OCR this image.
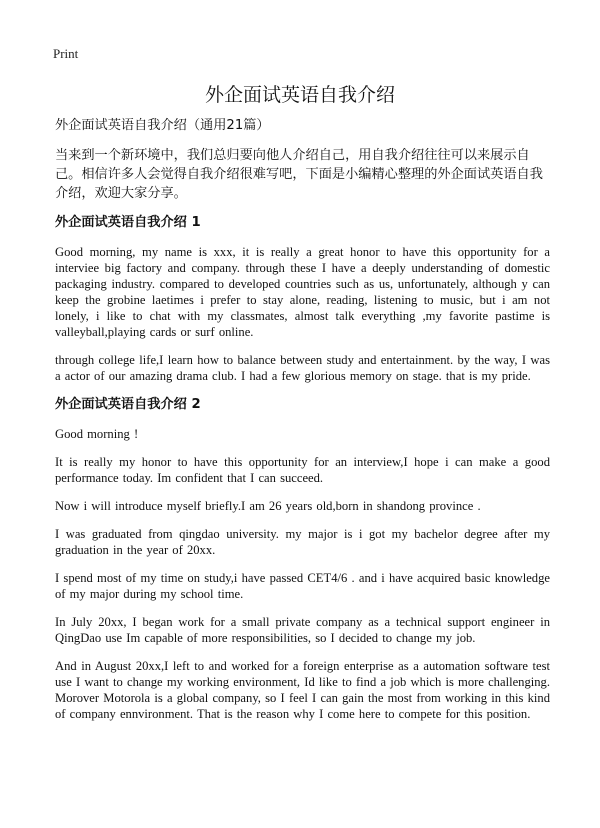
Print
外企面试英语自我介绍

外企面试英语自我介绍（通用21篇）

当来到一个新环境中，我们总归要向他人介绍自己，用自我介绍往往可以来展示自己。相信许多人会觉得自我介绍很难写吧，下面是小编精心整理的外企面试英语自我介绍，欢迎大家分享。

外企面试英语自我介绍 1

Good morning, my name is xxx, it is really a great honor to have this opportunity for a interviee big factory and company. through these I have a deeply understanding of domestic packaging industry. compared to developed countries such as us, unfortunately, although y can keep the grobine laetimes i prefer to stay alone, reading, listening to music, but i am not lonely, i like to chat with my classmates, almost talk everything ,my favorite pastime is valleyball,playing cards or surf online.

through college life,I learn how to balance between study and entertainment. by the way, I was a actor of our amazing drama club. I had a few glorious memory on stage. that is my pride.

外企面试英语自我介绍 2

Good morning !

It is really my honor to have this opportunity for an interview,I hope i can make a good performance today. Im confident that I can succeed.

Now i will introduce myself briefly.I am 26 years old,born in shandong province .

I was graduated from qingdao university. my major is i got my bachelor degree after my graduation in the year of 20xx.

I spend most of my time on study,i have passed CET4/6 . and i have acquired basic knowledge of my major during my school time.

In July 20xx, I began work for a small private company as a technical support engineer in QingDao use Im capable of more responsibilities, so I decided to change my job.

And in August 20xx,I left to and worked for a foreign enterprise as a automation software test use I want to change my working environment, Id like to find a job which is more challenging. Morover Motorola is a global company, so I feel I can gain the most from working in this kind of company ennvironment. That is the reason why I come here to compete for this position.
